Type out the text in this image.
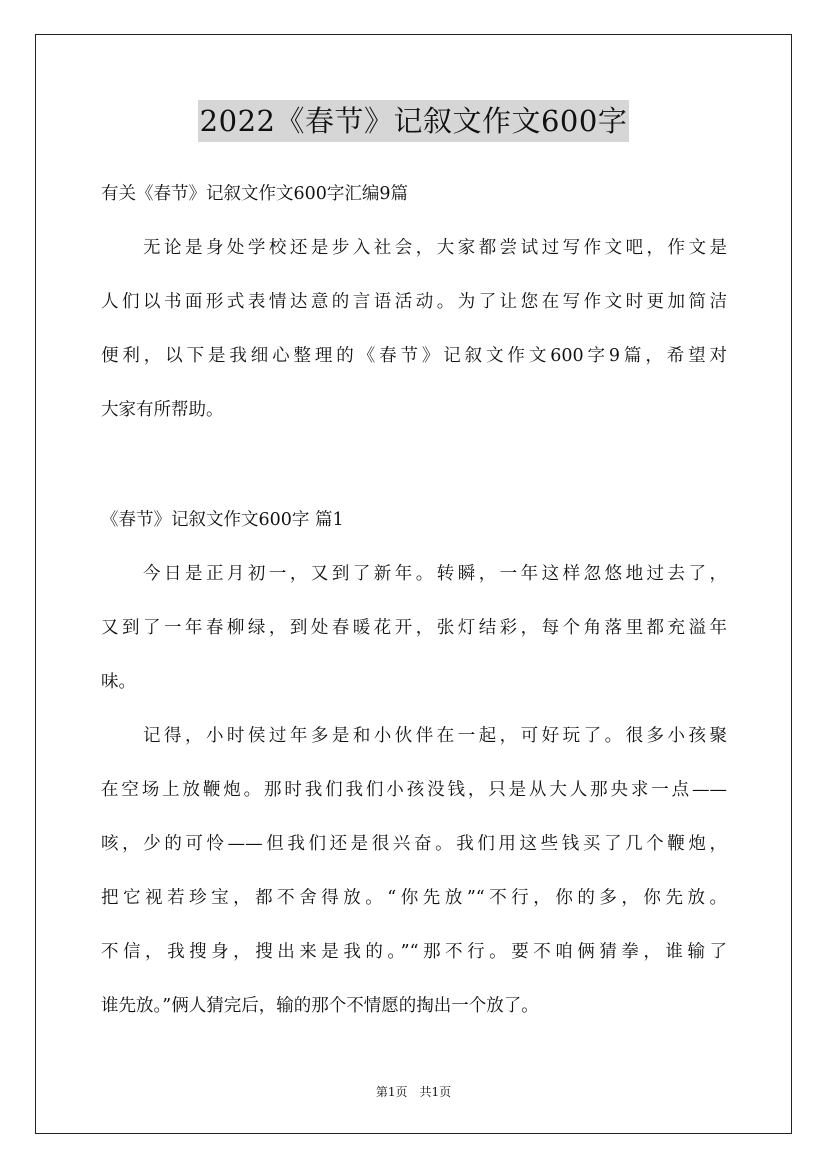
2022《春节》记叙文作文600字

有关《春节》记叙文作文600字汇编9篇

无论是身处学校还是步入社会，大家都尝试过写作文吧，作文是

人们以书面形式表情达意的言语活动。为了让您在写作文时更加简洁

便利，以下是我细心整理的《春节》记叙文作文600字9篇，希望对

大家有所帮助。

《春节》记叙文作文600字 篇1

今日是正月初一，又到了新年。转瞬，一年这样忽悠地过去了，

又到了一年春柳绿，到处春暖花开，张灯结彩，每个角落里都充溢年

味。

记得，小时侯过年多是和小伙伴在一起，可好玩了。很多小孩聚

在空场上放鞭炮。那时我们我们小孩没钱，只是从大人那央求一点——

咳，少的可怜——但我们还是很兴奋。我们用这些钱买了几个鞭炮，

把它视若珍宝，都不舍得放。“你先放”“不行，你的多，你先放。

不信，我搜身，搜出来是我的。”“那不行。要不咱俩猜拳，谁输了

谁先放。”俩人猜完后，输的那个不情愿的掏出一个放了。

第1页 共1页
